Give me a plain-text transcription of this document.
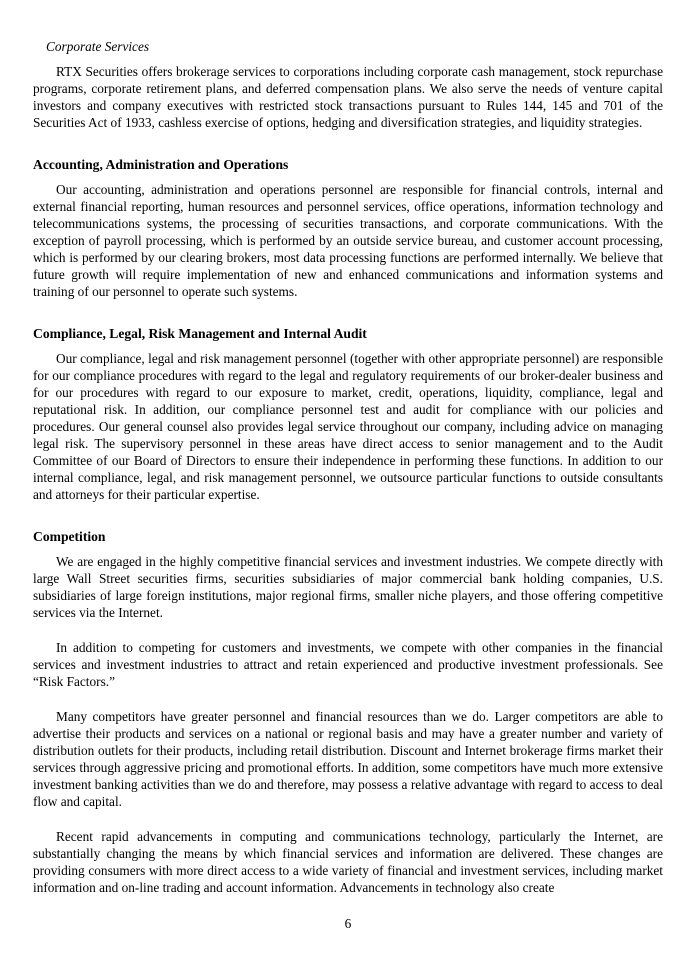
Corporate Services

RTX Securities offers brokerage services to corporations including corporate cash management, stock repurchase programs, corporate retirement plans, and deferred compensation plans. We also serve the needs of venture capital investors and company executives with restricted stock transactions pursuant to Rules 144, 145 and 701 of the Securities Act of 1933, cashless exercise of options, hedging and diversification strategies, and liquidity strategies.

Accounting, Administration and Operations

Our accounting, administration and operations personnel are responsible for financial controls, internal and external financial reporting, human resources and personnel services, office operations, information technology and telecommunications systems, the processing of securities transactions, and corporate communications. With the exception of payroll processing, which is performed by an outside service bureau, and customer account processing, which is performed by our clearing brokers, most data processing functions are performed internally. We believe that future growth will require implementation of new and enhanced communications and information systems and training of our personnel to operate such systems.

Compliance, Legal, Risk Management and Internal Audit

Our compliance, legal and risk management personnel (together with other appropriate personnel) are responsible for our compliance procedures with regard to the legal and regulatory requirements of our broker-dealer business and for our procedures with regard to our exposure to market, credit, operations, liquidity, compliance, legal and reputational risk. In addition, our compliance personnel test and audit for compliance with our policies and procedures. Our general counsel also provides legal service throughout our company, including advice on managing legal risk. The supervisory personnel in these areas have direct access to senior management and to the Audit Committee of our Board of Directors to ensure their independence in performing these functions. In addition to our internal compliance, legal, and risk management personnel, we outsource particular functions to outside consultants and attorneys for their particular expertise.

Competition

We are engaged in the highly competitive financial services and investment industries. We compete directly with large Wall Street securities firms, securities subsidiaries of major commercial bank holding companies, U.S. subsidiaries of large foreign institutions, major regional firms, smaller niche players, and those offering competitive services via the Internet.

In addition to competing for customers and investments, we compete with other companies in the financial services and investment industries to attract and retain experienced and productive investment professionals. See “Risk Factors.”

Many competitors have greater personnel and financial resources than we do. Larger competitors are able to advertise their products and services on a national or regional basis and may have a greater number and variety of distribution outlets for their products, including retail distribution. Discount and Internet brokerage firms market their services through aggressive pricing and promotional efforts. In addition, some competitors have much more extensive investment banking activities than we do and therefore, may possess a relative advantage with regard to access to deal flow and capital.

Recent rapid advancements in computing and communications technology, particularly the Internet, are substantially changing the means by which financial services and information are delivered. These changes are providing consumers with more direct access to a wide variety of financial and investment services, including market information and on-line trading and account information. Advancements in technology also create

6
